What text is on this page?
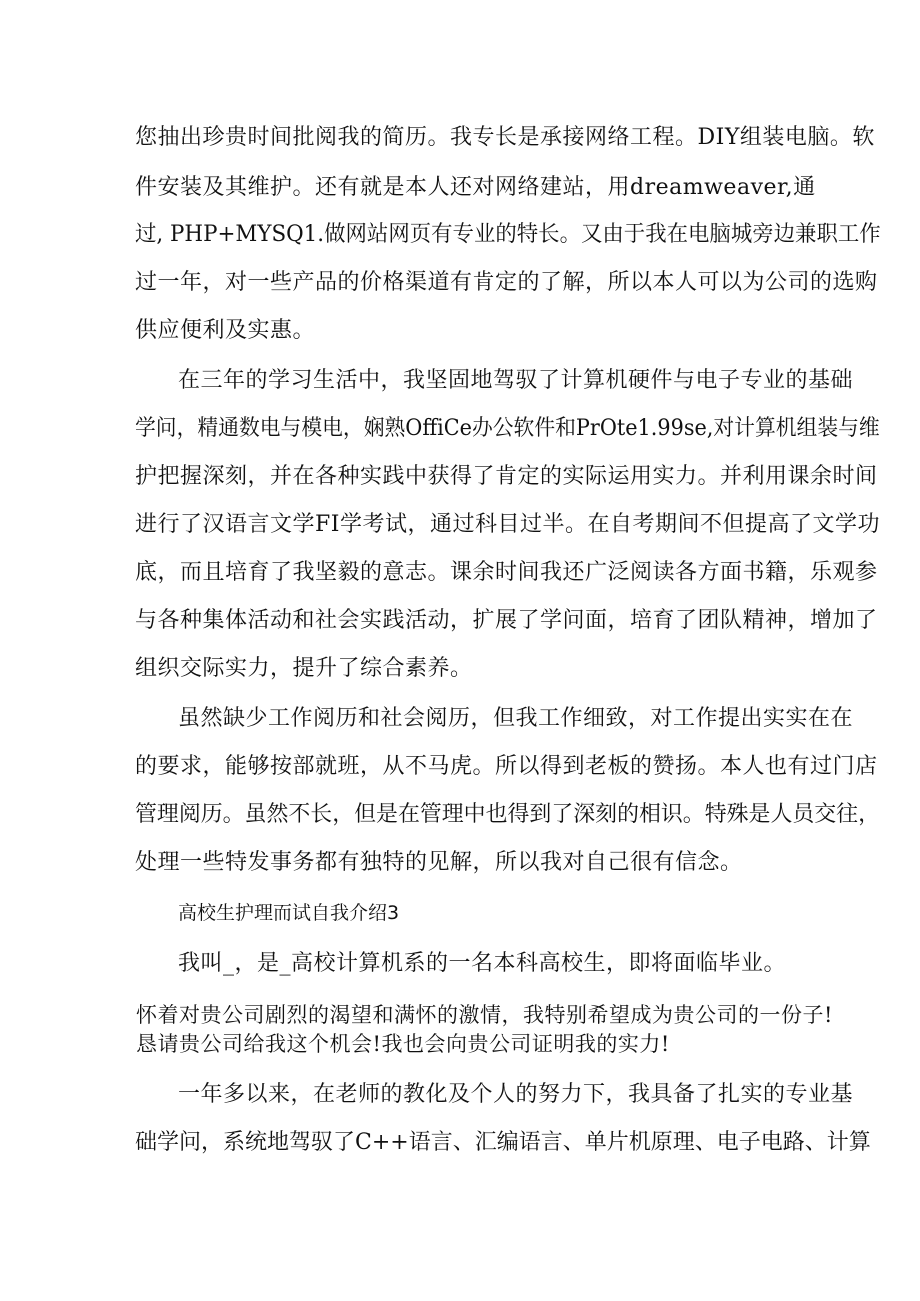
您抽出珍贵时间批阅我的简历。我专长是承接网络工程。DIY组装电脑。软
件安装及其维护。还有就是本人还对网络建站，用dreamweaver,通
过, PHP+MYSQ1.做网站网页有专业的特长。又由于我在电脑城旁边兼职工作
过一年，对一些产品的价格渠道有肯定的了解，所以本人可以为公司的选购
供应便利及实惠。
在三年的学习生活中，我坚固地驾驭了计算机硬件与电子专业的基础
学问，精通数电与模电，娴熟OffiCe办公软件和PrOte1.99se,对计算机组装与维
护把握深刻，并在各种实践中获得了肯定的实际运用实力。并利用课余时间
进行了汉语言文学FI学考试，通过科目过半。在自考期间不但提高了文学功
底，而且培育了我坚毅的意志。课余时间我还广泛阅读各方面书籍，乐观参
与各种集体活动和社会实践活动，扩展了学问面，培育了团队精神，增加了
组织交际实力，提升了综合素养。
虽然缺少工作阅历和社会阅历，但我工作细致，对工作提出实实在在
的要求，能够按部就班，从不马虎。所以得到老板的赞扬。本人也有过门店
管理阅历。虽然不长，但是在管理中也得到了深刻的相识。特殊是人员交往，
处理一些特发事务都有独特的见解，所以我对自己很有信念。
高校生护理而试自我介绍3
我叫_，是_高校计算机系的一名本科高校生，即将面临毕业。
怀着对贵公司剧烈的渴望和满怀的激情，我特别希望成为贵公司的一份子!
恳请贵公司给我这个机会!我也会向贵公司证明我的实力!
一年多以来，在老师的教化及个人的努力下，我具备了扎实的专业基
础学问，系统地驾驭了C++语言、汇编语言、单片机原理、电子电路、计算
